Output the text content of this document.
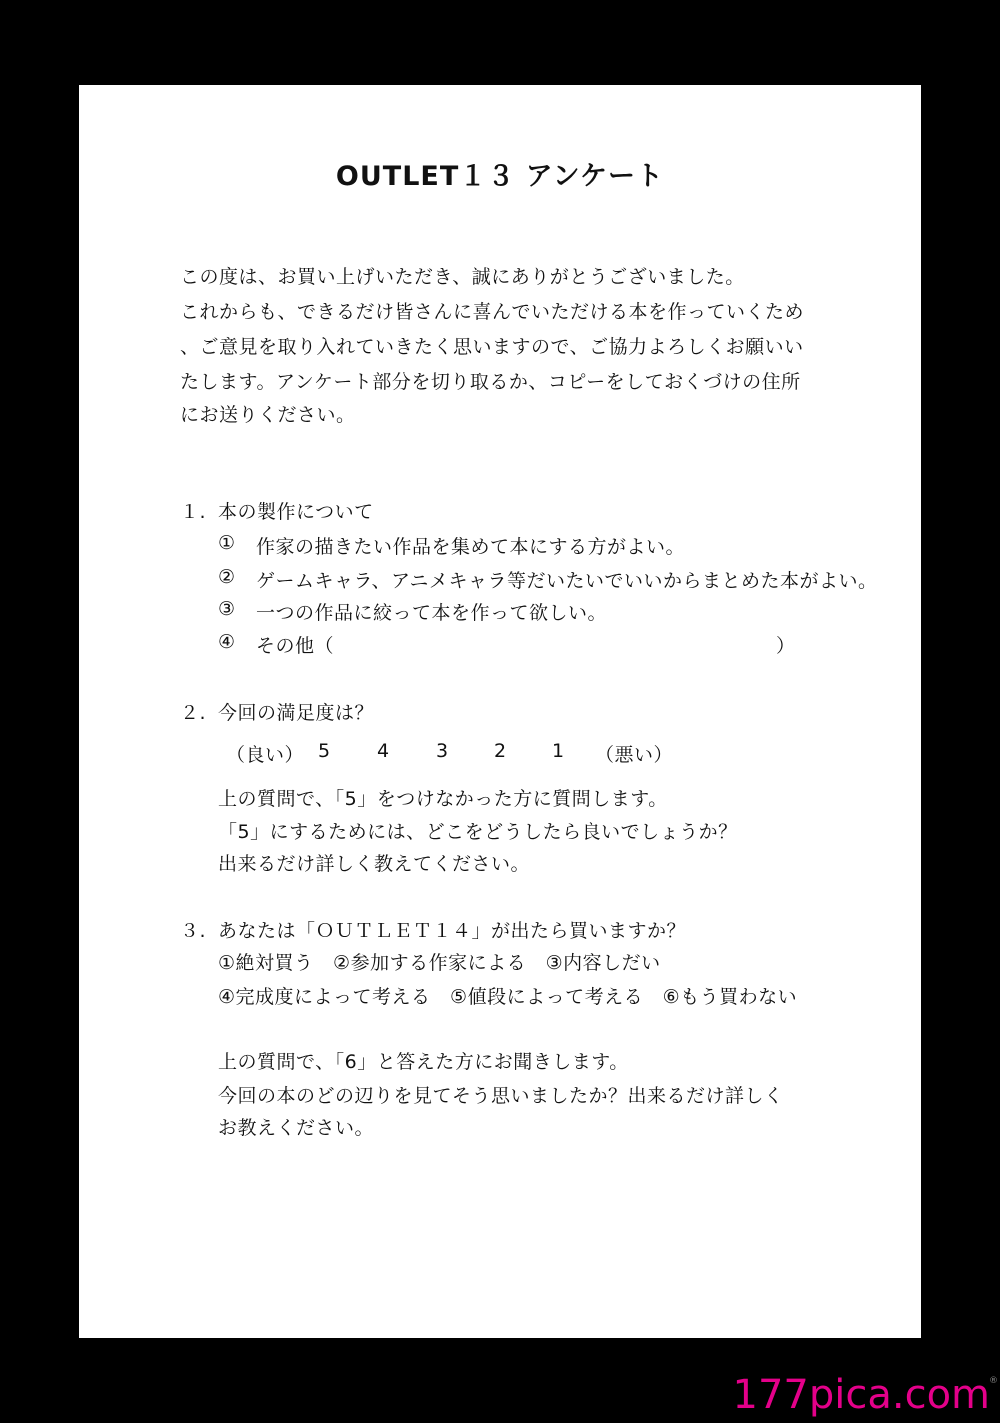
OUTLET１３ アンケート
この度は、お買い上げいただき、誠にありがとうございました。
これからも、できるだけ皆さんに喜んでいただける本を作っていくため
、ご意見を取り入れていきたく思いますので、ご協力よろしくお願いい
たします。アンケート部分を切り取るか、コピーをしておくづけの住所
にお送りください。
１. 本の製作について
① 作家の描きたい作品を集めて本にする方がよい。
② ゲームキャラ、アニメキャラ等だいたいでいいからまとめた本がよい。
③ 一つの作品に絞って本を作って欲しい。
④ その他（	）
２. 今回の満足度は？
（良い） 5 4 3 2 1 （悪い）
上の質問で、「5」をつけなかった方に質問します。
「5」にするためには、どこをどうしたら良いでしょうか？
出来るだけ詳しく教えてください。
３. あなたは「ＯＵＴＬＥＴ１４」が出たら買いますか？
①絶対買う　②参加する作家による　③内容しだい
④完成度によって考える　⑤値段によって考える　⑥もう買わない
上の質問で、「6」と答えた方にお聞きします。
今回の本のどの辺りを見てそう思いましたか？出来るだけ詳しく
お教えください。
177pica.com ®
